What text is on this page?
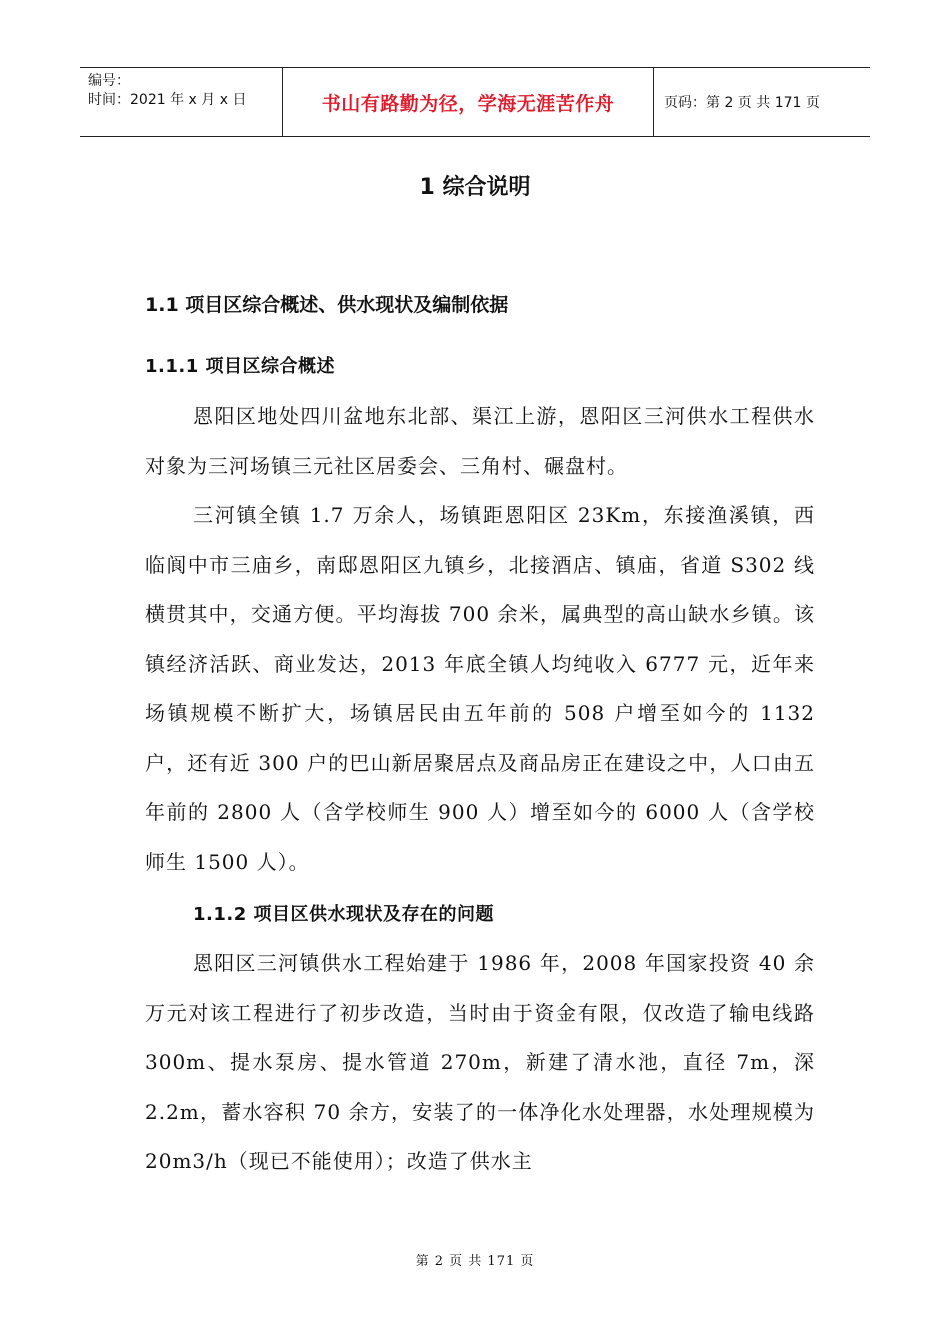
编号：
时间：2021 年 x 月 x 日	书山有路勤为径，学海无涯苦作舟	页码：第 2 页 共 171 页
1 综合说明
1.1 项目区综合概述、供水现状及编制依据
1.1.1 项目区综合概述
恩阳区地处四川盆地东北部、渠江上游，恩阳区三河供水工程供水对象为三河场镇三元社区居委会、三角村、碾盘村。
三河镇全镇 1.7 万余人，场镇距恩阳区 23Km，东接渔溪镇，西临阆中市三庙乡，南邸恩阳区九镇乡，北接酒店、镇庙，省道 S302 线横贯其中，交通方便。平均海拔 700 余米，属典型的高山缺水乡镇。该镇经济活跃、商业发达，2013 年底全镇人均纯收入 6777 元，近年来场镇规模不断扩大，场镇居民由五年前的 508 户增至如今的 1132 户，还有近 300 户的巴山新居聚居点及商品房正在建设之中，人口由五年前的 2800 人（含学校师生 900 人）增至如今的 6000 人（含学校师生 1500 人）。
1.1.2 项目区供水现状及存在的问题
恩阳区三河镇供水工程始建于 1986 年，2008 年国家投资 40 余万元对该工程进行了初步改造，当时由于资金有限，仅改造了输电线路 300m、提水泵房、提水管道 270m，新建了清水池，直径 7m，深 2.2m，蓄水容积 70 余方，安装了的一体净化水处理器，水处理规模为 20m3/h（现已不能使用）；改造了供水主
第 2 页 共 171 页
